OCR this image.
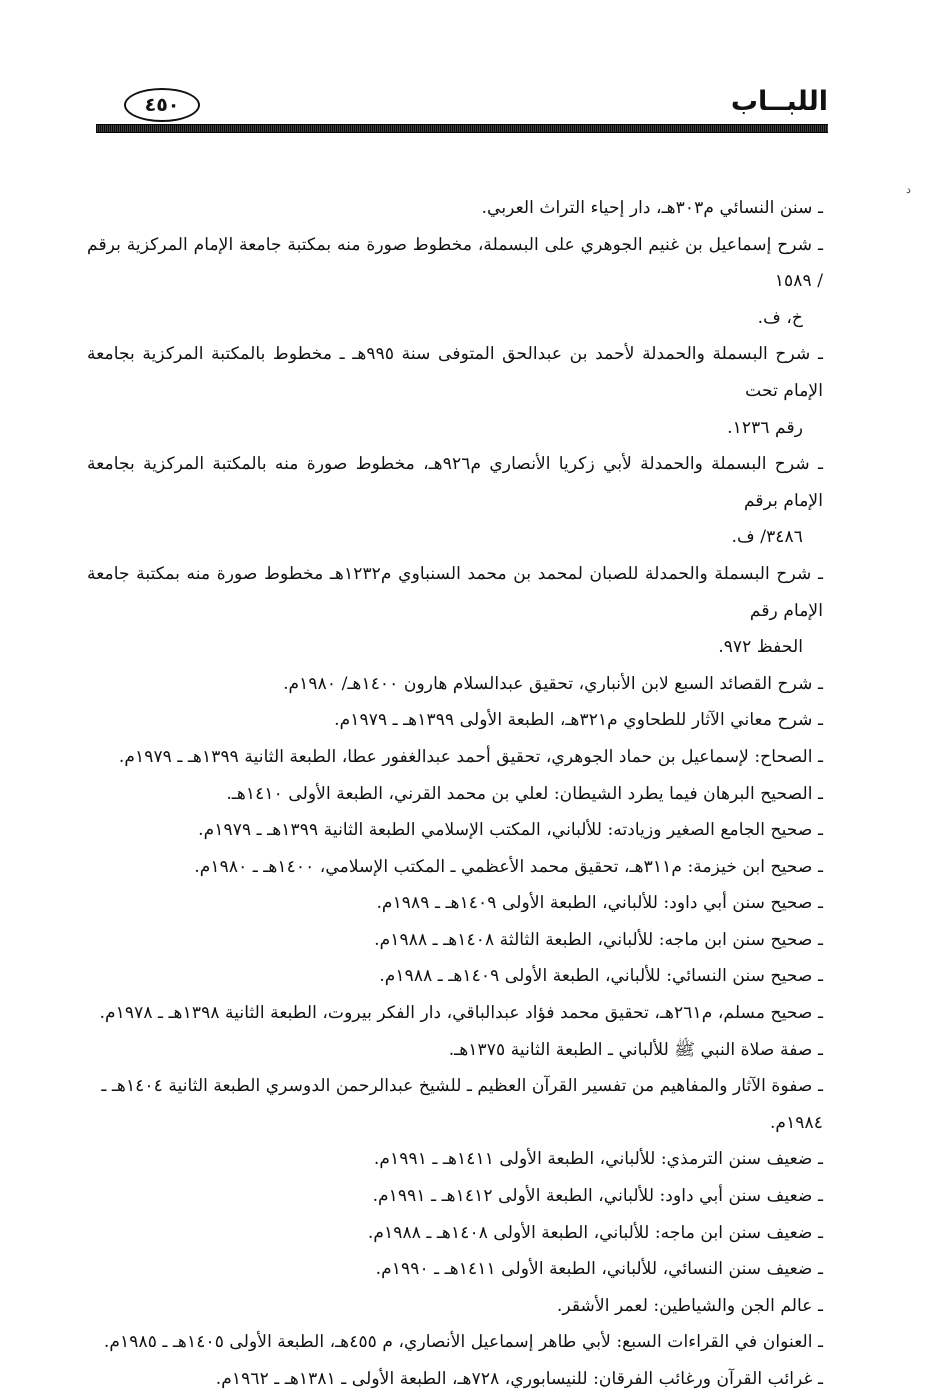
اللبــاب
٤٥٠
د

ـ سنن النسائي م٣٠٣هـ، دار إحياء التراث العربي.

ـ شرح إسماعيل بن غنيم الجوهري على البسملة، مخطوط صورة منه بمكتبة جامعة الإمام المركزية برقم / ١٥٨٩
خ، ف.

ـ شرح البسملة والحمدلة لأحمد بن عبدالحق المتوفى سنة ٩٩٥هـ ـ مخطوط بالمكتبة المركزية بجامعة الإمام تحت
رقم ١٢٣٦.

ـ شرح البسملة والحمدلة لأبي زكريا الأنصاري م٩٢٦هـ، مخطوط صورة منه بالمكتبة المركزية بجامعة الإمام برقم
٣٤٨٦/ ف.

ـ شرح البسملة والحمدلة للصبان لمحمد بن محمد السنباوي م١٢٣٢هـ مخطوط صورة منه بمكتبة جامعة الإمام رقم
الحفظ ٩٧٢.

ـ شرح القصائد السبع لابن الأنباري، تحقيق عبدالسلام هارون ١٤٠٠هـ/ ١٩٨٠م.

ـ شرح معاني الآثار للطحاوي م٣٢١هـ، الطبعة الأولى ١٣٩٩هـ ـ ١٩٧٩م.

ـ الصحاح: لإسماعيل بن حماد الجوهري، تحقيق أحمد عبدالغفور عطا، الطبعة الثانية ١٣٩٩هـ ـ ١٩٧٩م.

ـ الصحيح البرهان فيما يطرد الشيطان: لعلي بن محمد القرني، الطبعة الأولى ١٤١٠هـ.

ـ صحيح الجامع الصغير وزيادته: للألباني، المكتب الإسلامي الطبعة الثانية ١٣٩٩هـ ـ ١٩٧٩م.

ـ صحيح ابن خيزمة: م٣١١هـ، تحقيق محمد الأعظمي ـ المكتب الإسلامي، ١٤٠٠هـ ـ ١٩٨٠م.

ـ صحيح سنن أبي داود: للألباني، الطبعة الأولى ١٤٠٩هـ ـ ١٩٨٩م.

ـ صحيح سنن ابن ماجه: للألباني، الطبعة الثالثة ١٤٠٨هـ ـ ١٩٨٨م.

ـ صحيح سنن النسائي: للألباني، الطبعة الأولى ١٤٠٩هـ ـ ١٩٨٨م.

ـ صحيح مسلم، م٢٦١هـ، تحقيق محمد فؤاد عبدالباقي، دار الفكر بيروت، الطبعة الثانية ١٣٩٨هـ ـ ١٩٧٨م.

ـ صفة صلاة النبي ﷺ للألباني ـ الطبعة الثانية ١٣٧٥هـ.

ـ صفوة الآثار والمفاهيم من تفسير القرآن العظيم ـ للشيخ عبدالرحمن الدوسري الطبعة الثانية ١٤٠٤هـ ـ ١٩٨٤م.

ـ ضعيف سنن الترمذي: للألباني، الطبعة الأولى ١٤١١هـ ـ ١٩٩١م.

ـ ضعيف سنن أبي داود: للألباني، الطبعة الأولى ١٤١٢هـ ـ ١٩٩١م.

ـ ضعيف سنن ابن ماجه: للألباني، الطبعة الأولى ١٤٠٨هـ ـ ١٩٨٨م.

ـ ضعيف سنن النسائي، للألباني، الطبعة الأولى ١٤١١هـ ـ ١٩٩٠م.

ـ عالم الجن والشياطين: لعمر الأشقر.

ـ العنوان في القراءات السبع: لأبي طاهر إسماعيل الأنصاري، م ٤٥٥هـ، الطبعة الأولى ١٤٠٥هـ ـ ١٩٨٥م.

ـ غرائب القرآن ورغائب الفرقان: للنيسابوري، ٧٢٨هـ، الطبعة الأولى ـ ١٣٨١هـ ـ ١٩٦٢م.
